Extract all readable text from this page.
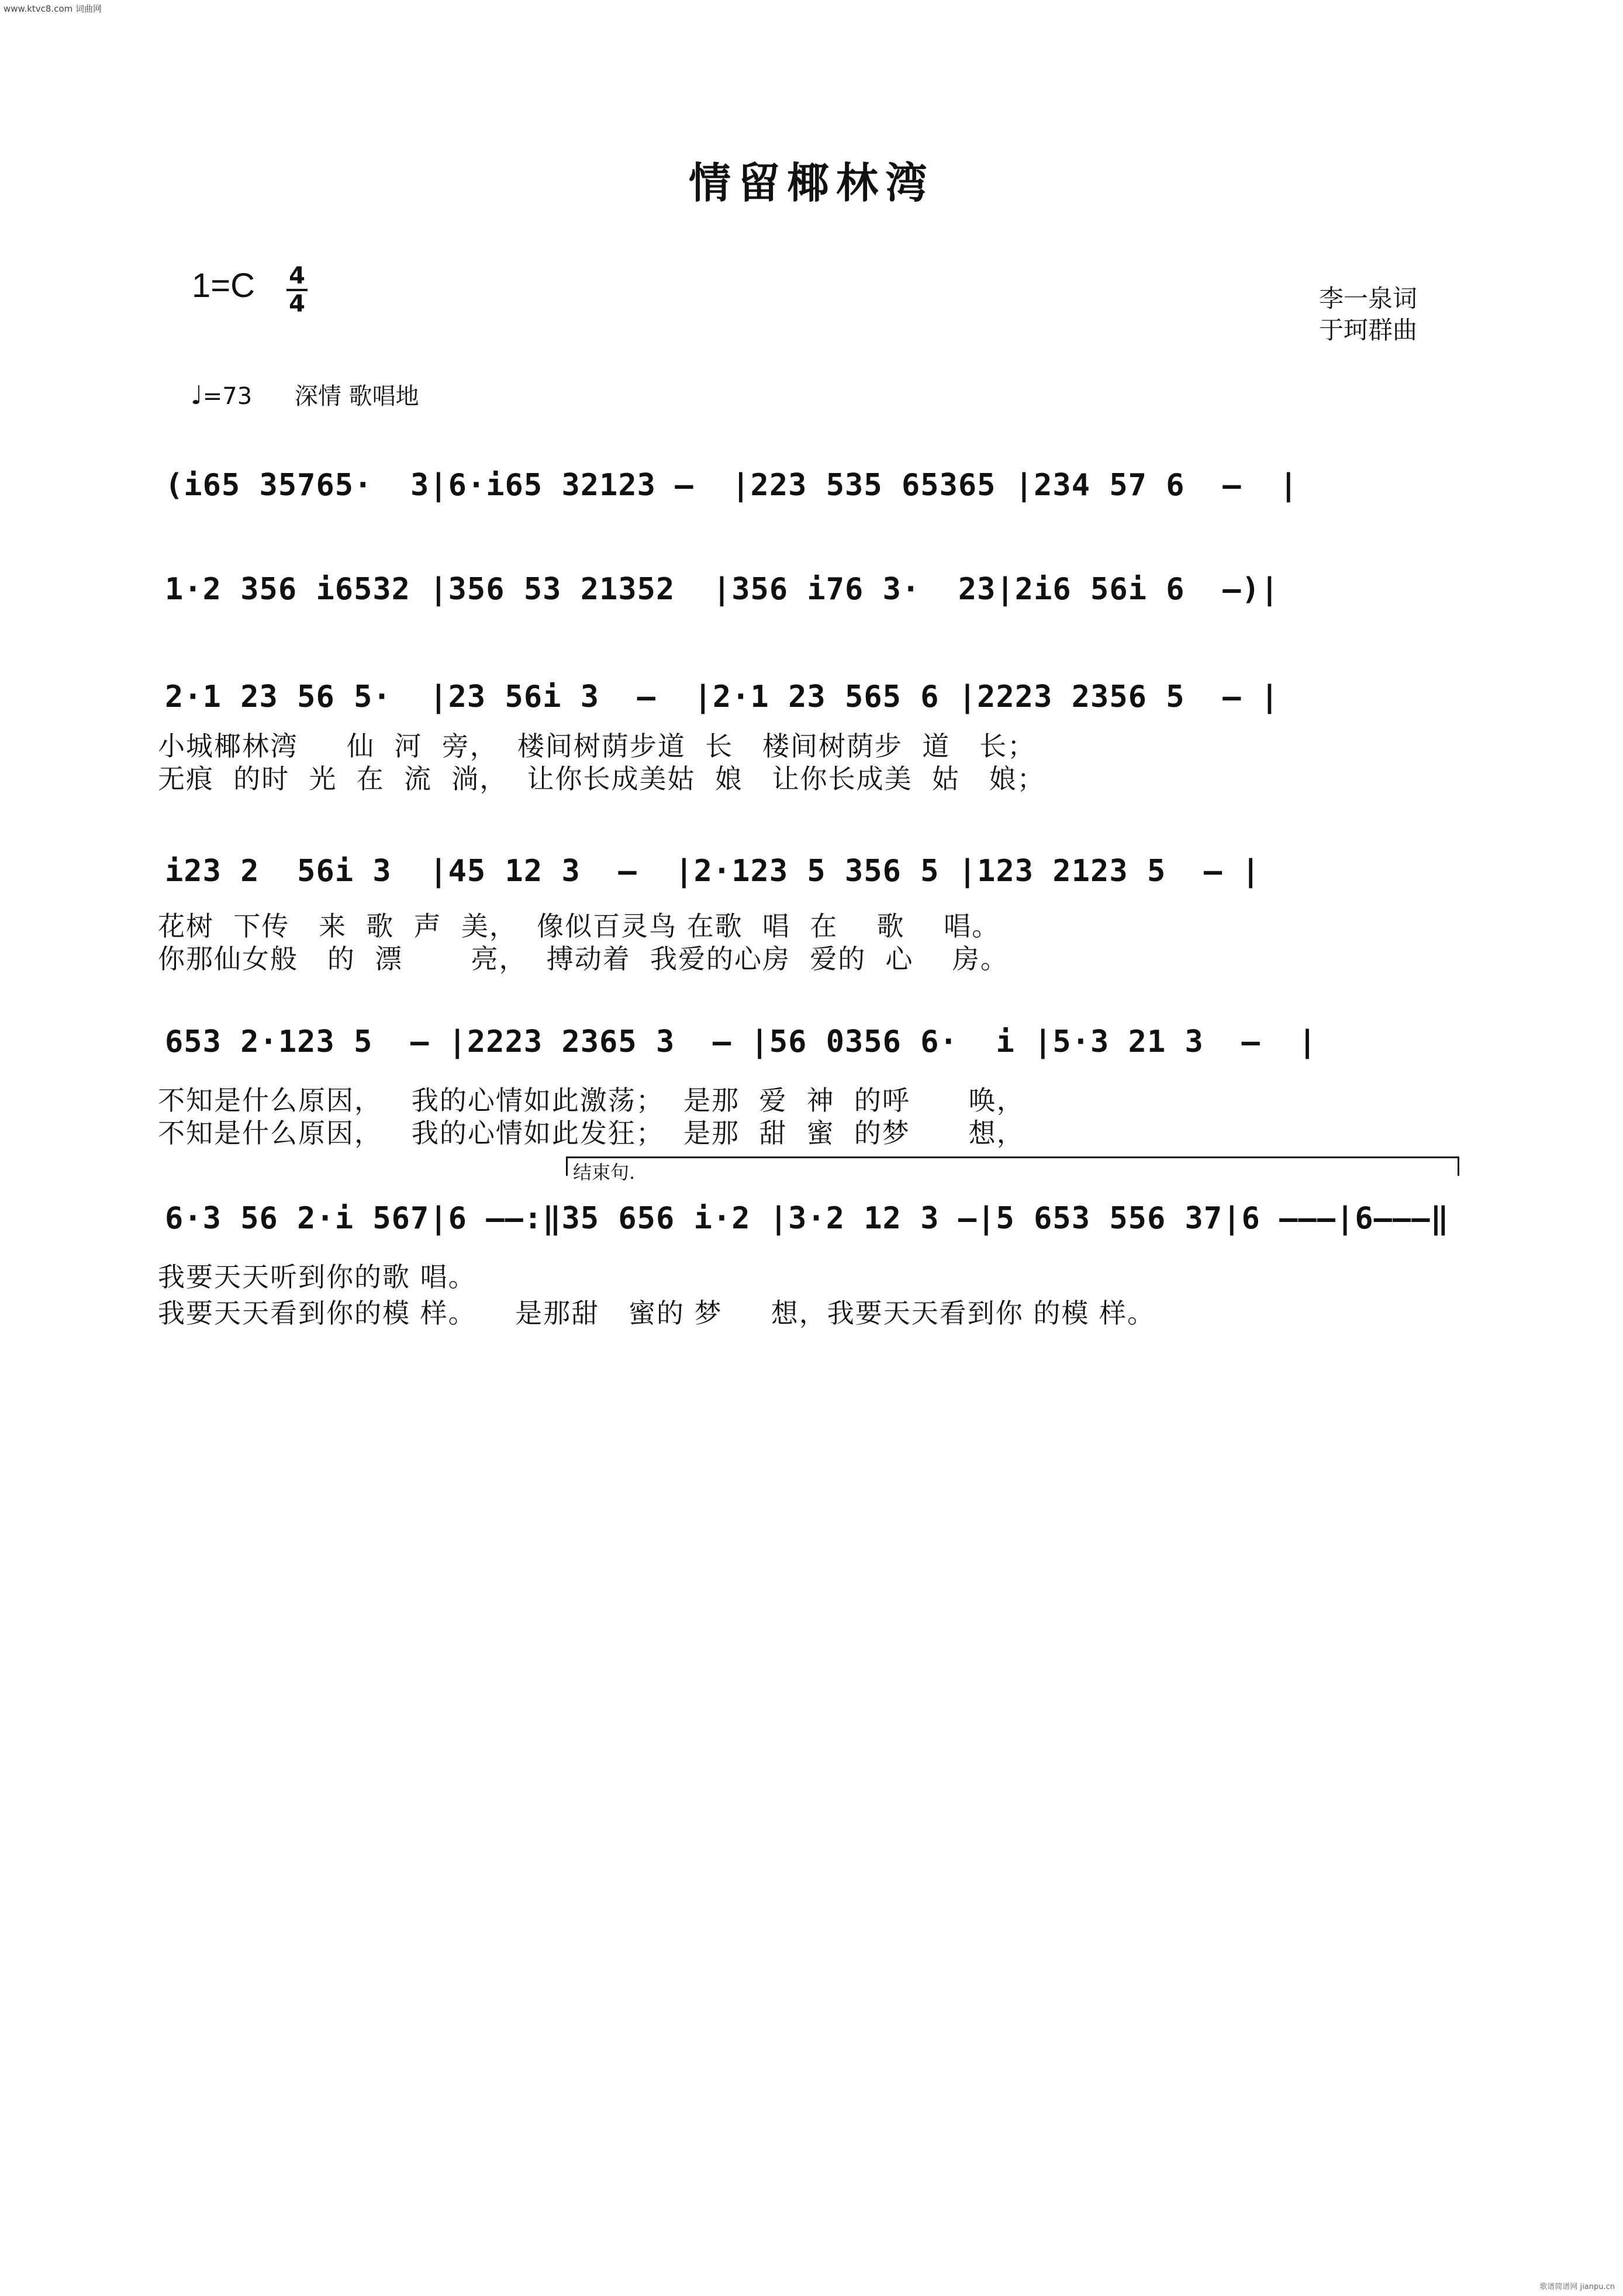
www.ktvc8.com 词曲网
歌谱简谱网 jianpu.cn
情留椰林湾
1=C 4
4	李一泉词
于珂群曲
♩=73 深情 歌唱地
(i65 35765·  3|6·i65 32123 –  |223 535 65365 |234 57 6  –  |
1·2 356 i6532 |356 53 21352  |356 i76 3·  23|2i6 56i 6  –)|
2·1 23 56 5·  |23 56i 3  –  |2·1 23 565 6 |2223 2356 5  – |
小城椰林湾     仙  河  旁，  楼间树荫步道  长   楼间树荫步  道   长；
无痕  的时  光  在  流  淌，  让你长成美姑  娘   让你长成美  姑   娘；
i23 2  56i 3  |45 12 3  –  |2·123 5 356 5 |123 2123 5  – |
花树  下传   来  歌  声  美，  像似百灵鸟 在歌  唱  在    歌    唱。
你那仙女般   的  漂       亮，  搏动着  我爱的心房  爱的  心    房。
653 2·123 5  – |2223 2365 3  – |56 0356 6·  i |5·3 21 3  –  |
不知是什么原因，   我的心情如此激荡；  是那  爱  神  的呼      唤，
不知是什么原因，   我的心情如此发狂；  是那  甜  蜜  的梦      想，
结束句.
6·3 56 2·i 567|6 ––:‖35 656 i·2 |3·2 12 3 –|5 653 556 37|6 –––|6–––‖
我要天天听到你的歌 唱。
我要天天看到你的模 样。    是那甜   蜜的 梦     想，我要天天看到你 的模 样。
